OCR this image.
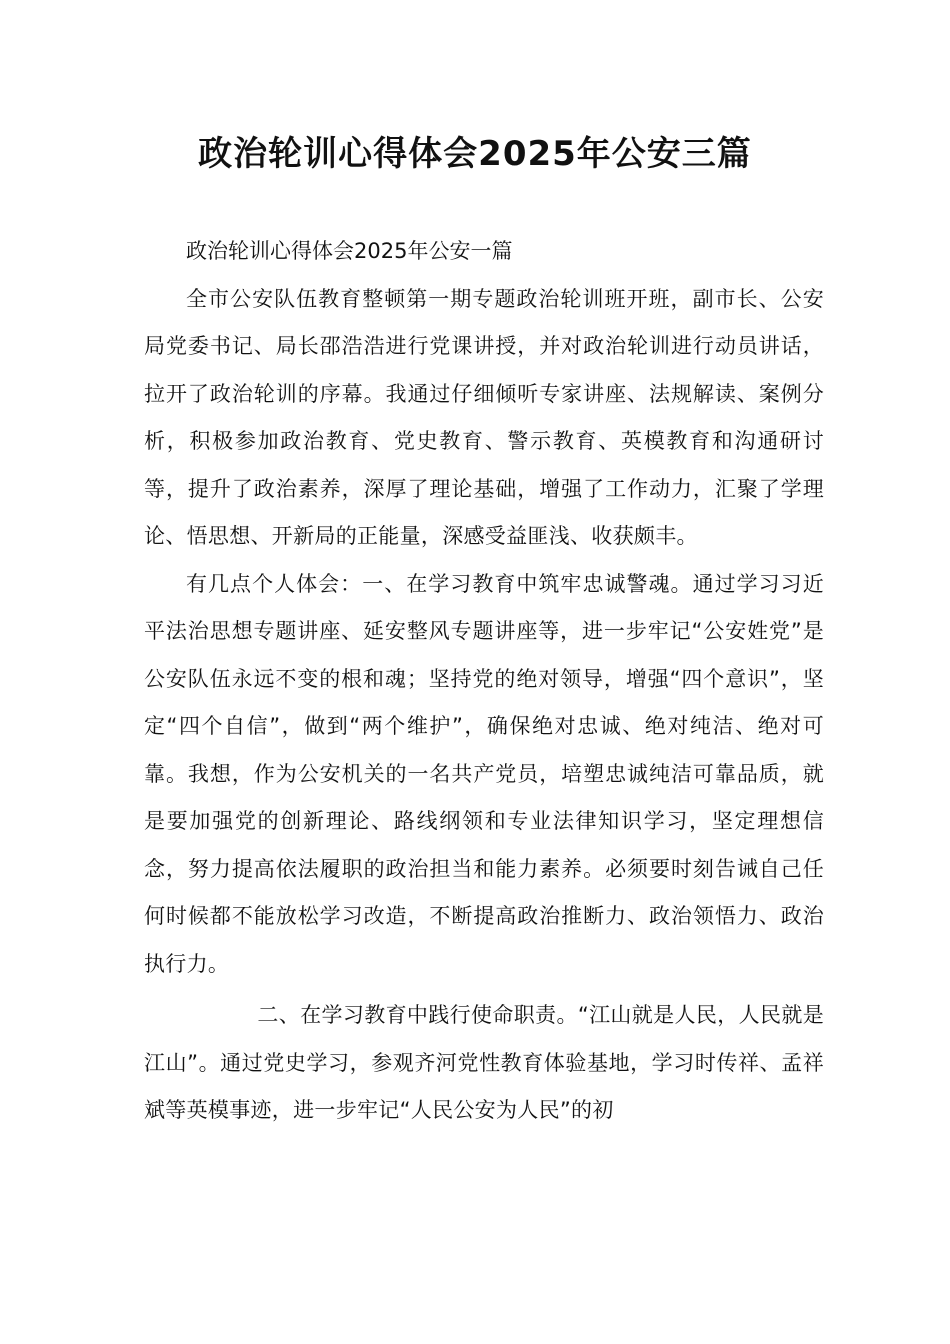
政治轮训心得体会2025年公安三篇

政治轮训心得体会2025年公安一篇

全市公安队伍教育整顿第一期专题政治轮训班开班，副市长、公安局党委书记、局长邵浩浩进行党课讲授，并对政治轮训进行动员讲话，拉开了政治轮训的序幕。我通过仔细倾听专家讲座、法规解读、案例分析，积极参加政治教育、党史教育、警示教育、英模教育和沟通研讨等，提升了政治素养，深厚了理论基础，增强了工作动力，汇聚了学理论、悟思想、开新局的正能量，深感受益匪浅、收获颇丰。

有几点个人体会：一、在学习教育中筑牢忠诚警魂。通过学习习近平法治思想专题讲座、延安整风专题讲座等，进一步牢记“公安姓党”是公安队伍永远不变的根和魂；坚持党的绝对领导，增强“四个意识”，坚定“四个自信”，做到“两个维护”，确保绝对忠诚、绝对纯洁、绝对可靠。我想，作为公安机关的一名共产党员，培塑忠诚纯洁可靠品质，就是要加强党的创新理论、路线纲领和专业法律知识学习，坚定理想信念，努力提高依法履职的政治担当和能力素养。必须要时刻告诫自己任何时候都不能放松学习改造，不断提高政治推断力、政治领悟力、政治执行力。

二、在学习教育中践行使命职责。“江山就是人民，人民就是江山”。通过党史学习，参观齐河党性教育体验基地，学习时传祥、孟祥斌等英模事迹，进一步牢记“人民公安为人民”的初
